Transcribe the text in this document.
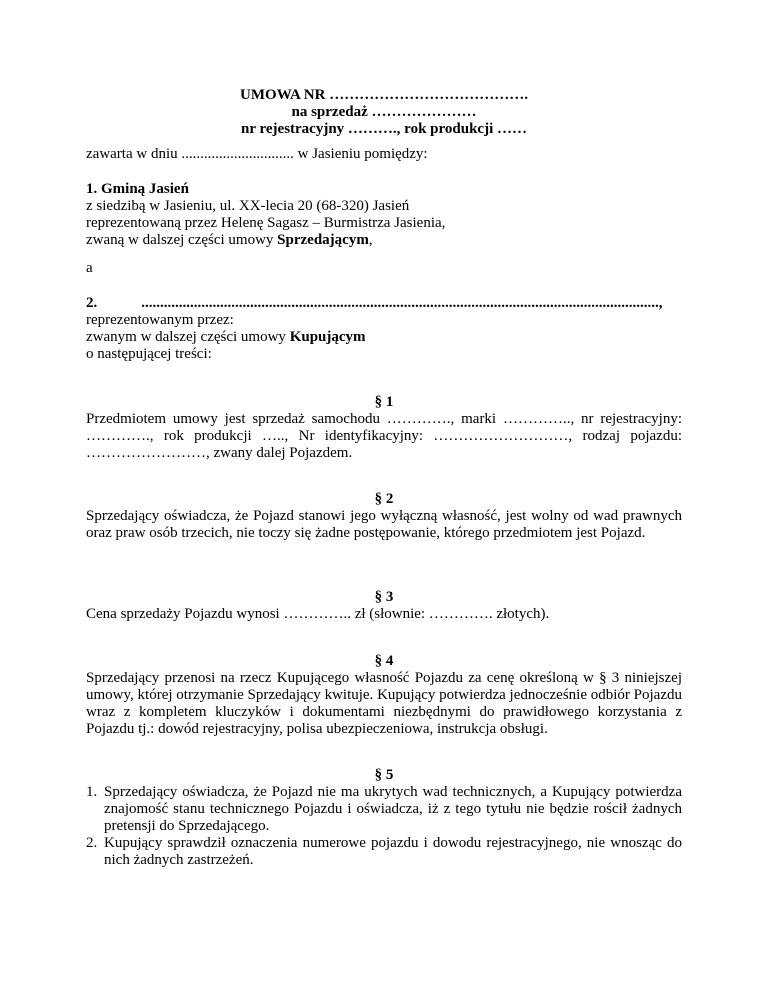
UMOWA NR ………………………………….

na sprzedaż …………………

nr rejestracyjny ………., rok produkcji ……

zawarta w dniu .............................. w Jasieniu pomiędzy:

1. Gminą Jasień

z siedzibą w Jasieniu, ul. XX-lecia 20 (68-320) Jasień

reprezentowaną przez Helenę Sagasz – Burmistrza Jasienia,

zwaną w dalszej części umowy Sprzedającym,

a

2.	..........................................................................................................................................,

reprezentowanym przez:

zwanym w dalszej części umowy Kupującym

o następującej treści:

§ 1

Przedmiotem umowy jest sprzedaż samochodu …………., marki ………….., nr rejestracyjny: …………., rok produkcji ….., Nr identyfikacyjny: ………………………, rodzaj pojazdu: ……………………, zwany dalej Pojazdem.

§ 2

Sprzedający oświadcza, że Pojazd stanowi jego wyłączną własność, jest wolny od wad prawnych oraz praw osób trzecich, nie toczy się żadne postępowanie, którego przedmiotem jest Pojazd.

§ 3

Cena sprzedaży Pojazdu wynosi ………….. zł (słownie: …………. złotych).

§ 4

Sprzedający przenosi na rzecz Kupującego własność Pojazdu za cenę określoną w § 3 niniejszej umowy, której otrzymanie Sprzedający kwituje. Kupujący potwierdza jednocześnie odbiór Pojazdu wraz z kompletem kluczyków i dokumentami niezbędnymi do prawidłowego korzystania z Pojazdu tj.: dowód rejestracyjny, polisa ubezpieczeniowa, instrukcja obsługi.

§ 5

1. Sprzedający oświadcza, że Pojazd nie ma ukrytych wad technicznych, a Kupujący potwierdza znajomość stanu technicznego Pojazdu i oświadcza, iż z tego tytułu nie będzie rościł żadnych pretensji do Sprzedającego.
2. Kupujący sprawdził oznaczenia numerowe pojazdu i dowodu rejestracyjnego, nie wnosząc do nich żadnych zastrzeżeń.
